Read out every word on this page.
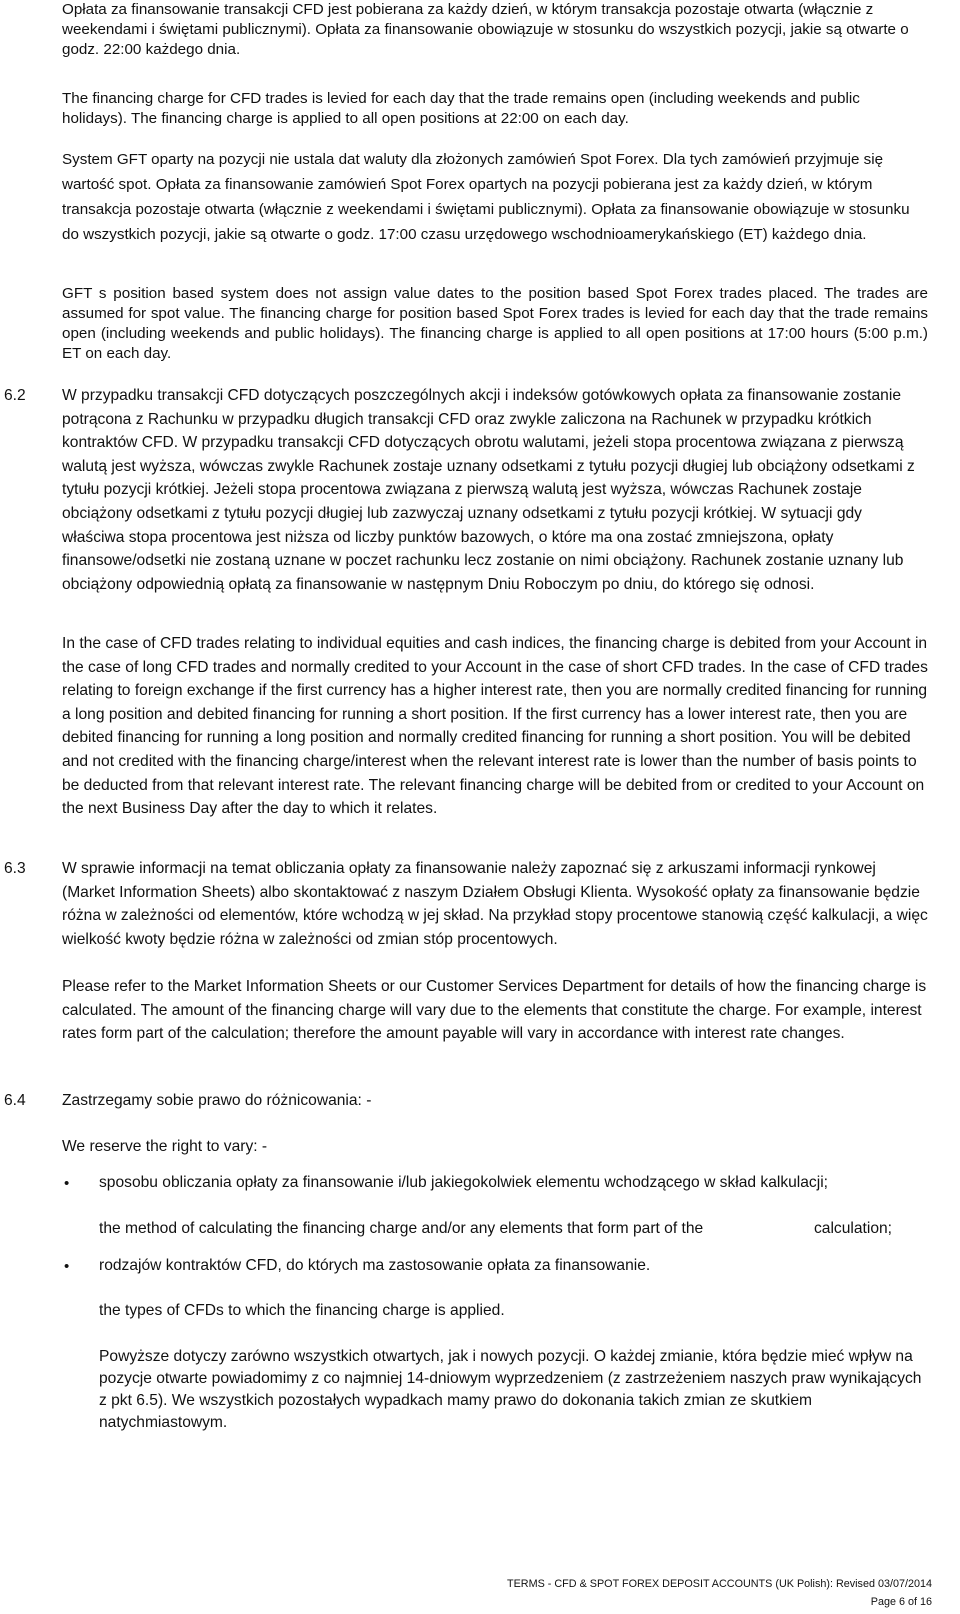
Opłata za finansowanie transakcji CFD jest pobierana za każdy dzień, w którym transakcja pozostaje otwarta (włącznie z weekendami i świętami publicznymi). Opłata za finansowanie obowiązuje w stosunku do wszystkich pozycji, jakie są otwarte o godz. 22:00 każdego dnia.

The financing charge for CFD trades is levied for each day that the trade remains open (including weekends and public holidays). The financing charge is applied to all open positions at 22:00 on each day.

System GFT oparty na pozycji nie ustala dat waluty dla złożonych zamówień Spot Forex. Dla tych zamówień przyjmuje się wartość spot. Opłata za finansowanie zamówień Spot Forex opartych na pozycji pobierana jest za każdy dzień, w którym transakcja pozostaje otwarta (włącznie z weekendami i świętami publicznymi). Opłata za finansowanie obowiązuje w stosunku do wszystkich pozycji, jakie są otwarte o godz. 17:00 czasu urzędowego wschodnioamerykańskiego (ET) każdego dnia.

GFT s position based system does not assign value dates to the position based Spot Forex trades placed. The trades are assumed for spot value. The financing charge for position based Spot Forex trades is levied for each day that the trade remains open (including weekends and public holidays). The financing charge is applied to all open positions at 17:00 hours (5:00 p.m.) ET on each day.

6.2 W przypadku transakcji CFD dotyczących poszczególnych akcji i indeksów gotówkowych opłata za finansowanie zostanie potrącona z Rachunku w przypadku długich transakcji CFD oraz zwykle zaliczona na Rachunek w przypadku krótkich kontraktów CFD. W przypadku transakcji CFD dotyczących obrotu walutami, jeżeli stopa procentowa związana z pierwszą walutą jest wyższa, wówczas zwykle Rachunek zostaje uznany odsetkami z tytułu pozycji długiej lub obciążony odsetkami z tytułu pozycji krótkiej. Jeżeli stopa procentowa związana z pierwszą walutą jest wyższa, wówczas Rachunek zostaje obciążony odsetkami z tytułu pozycji długiej lub zazwyczaj uznany odsetkami z tytułu pozycji krótkiej. W sytuacji gdy właściwa stopa procentowa jest niższa od liczby punktów bazowych, o które ma ona zostać zmniejszona, opłaty finansowe/odsetki nie zostaną uznane w poczet rachunku lecz zostanie on nimi obciążony. Rachunek zostanie uznany lub obciążony odpowiednią opłatą za finansowanie w następnym Dniu Roboczym po dniu, do którego się odnosi.

In the case of CFD trades relating to individual equities and cash indices, the financing charge is debited from your Account in the case of long CFD trades and normally credited to your Account in the case of short CFD trades. In the case of CFD trades relating to foreign exchange if the first currency has a higher interest rate, then you are normally credited financing for running a long position and debited financing for running a short position. If the first currency has a lower interest rate, then you are debited financing for running a long position and normally credited financing for running a short position. You will be debited and not credited with the financing charge/interest when the relevant interest rate is lower than the number of basis points to be deducted from that relevant interest rate. The relevant financing charge will be debited from or credited to your Account on the next Business Day after the day to which it relates.

6.3 W sprawie informacji na temat obliczania opłaty za finansowanie należy zapoznać się z arkuszami informacji rynkowej (Market Information Sheets) albo skontaktować z naszym Działem Obsługi Klienta. Wysokość opłaty za finansowanie będzie różna w zależności od elementów, które wchodzą w jej skład. Na przykład stopy procentowe stanowią część kalkulacji, a więc wielkość kwoty będzie różna w zależności od zmian stóp procentowych.

Please refer to the Market Information Sheets or our Customer Services Department for details of how the financing charge is calculated. The amount of the financing charge will vary due to the elements that constitute the charge. For example, interest rates form part of the calculation; therefore the amount payable will vary in accordance with interest rate changes.

6.4 Zastrzegamy sobie prawo do różnicowania: -

We reserve the right to vary: -

• sposobu obliczania opłaty za finansowanie i/lub jakiegokolwiek elementu wchodzącego w skład kalkulacji;

the method of calculating the financing charge and/or any elements that form part of the	calculation;

• rodzajów kontraktów CFD, do których ma zastosowanie opłata za finansowanie.

the types of CFDs to which the financing charge is applied.

Powyższe dotyczy zarówno wszystkich otwartych, jak i nowych pozycji. O każdej zmianie, która będzie mieć wpływ na pozycje otwarte powiadomimy z co najmniej 14-dniowym wyprzedzeniem (z zastrzeżeniem naszych praw wynikających z pkt 6.5). We wszystkich pozostałych wypadkach mamy prawo do dokonania takich zmian ze skutkiem natychmiastowym.

TERMS - CFD & SPOT FOREX DEPOSIT ACCOUNTS (UK Polish): Revised 03/07/2014

Page 6 of 16
